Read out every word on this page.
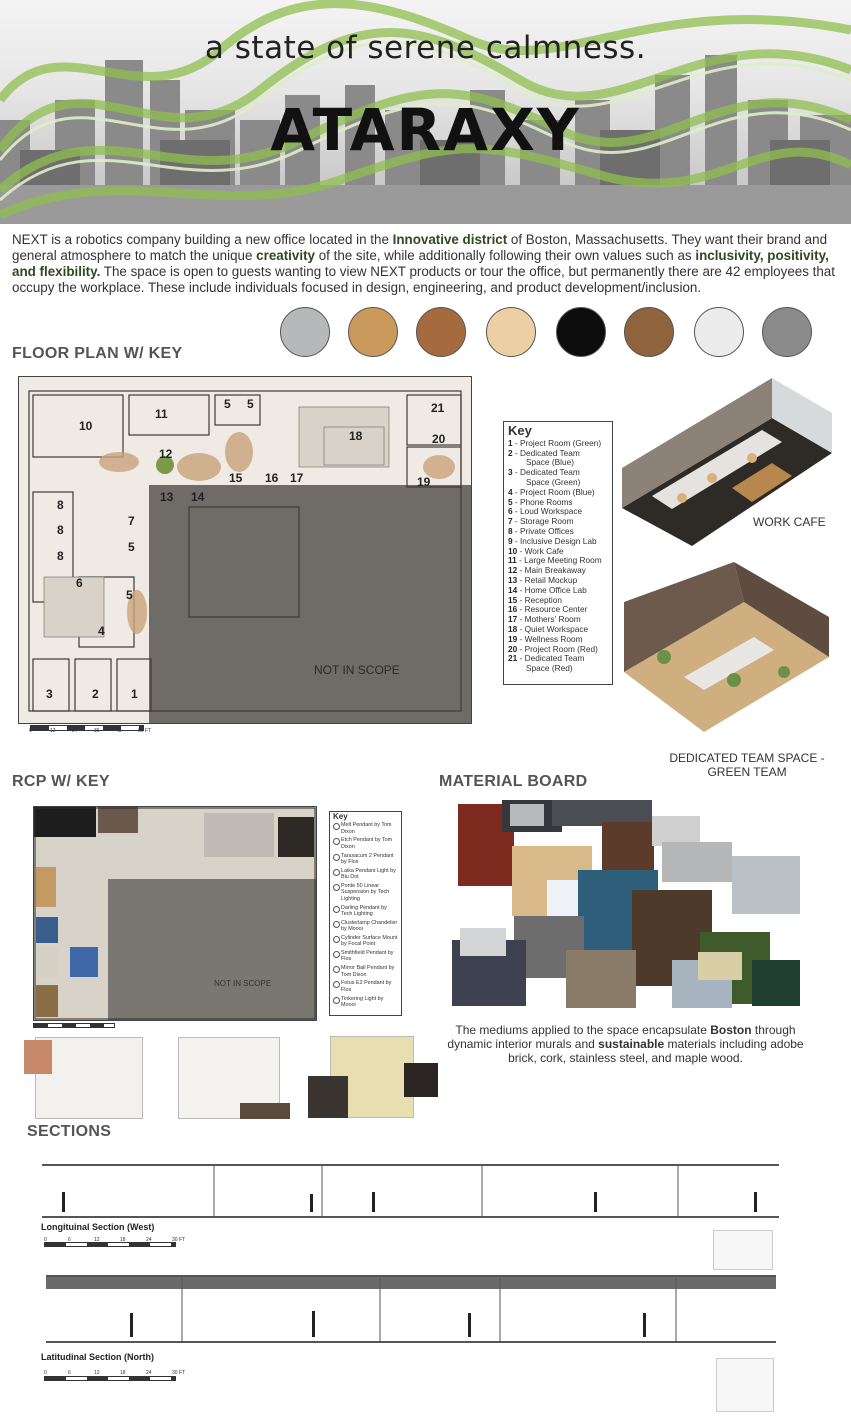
a state of serene calmness.
ATARAXY
NEXT is a robotics company building a new office located in the Innovative district of Boston, Massachusetts. They want their brand and general atmosphere to match the unique creativity of the site, while additionally following their own values such as inclusivity, positivity, and flexibility. The space is open to guests wanting to view NEXT products or tour the office, but permanently there are 42 employees that occupy the workplace. These include individuals focused in design, engineering, and product development/inclusion.
FLOOR PLAN W/ KEY
10
11
5 5	21
18	20
12
15 16 17	19
13 14
8
8
8
7
5
6
5
4
3	2	1
NOT IN SCOPE
0	12	24	36	48	60 FT
Key
1 - Project Room (Green)
2 - Dedicated Team
Space (Blue)
3 - Dedicated Team
Space (Green)
4 - Project Room (Blue)
5 - Phone Rooms
6 - Loud Workspace
7 - Storage Room
8 - Private Offices
9 - Inclusive Design Lab
10 - Work Cafe
11 - Large Meeting Room
12 - Main Breakaway
13 - Retail Mockup
14 - Home Office Lab
15 - Reception
16 - Resource Center
17 - Mothers' Room
18 - Quiet Workspace
19 - Wellness Room
20 - Project Room (Red)
21 - Dedicated Team
Space (Red)
WORK CAFE
DEDICATED TEAM SPACE -
GREEN TEAM
RCP W/ KEY
NOT IN SCOPE
Key
Melt Pendant by Tom Dixon
Etch Pendant by Tom Dixon
Taraxacum 2 Pendant by Flos
Laika Pendant Light by Blu Dot
Ponte 50 Linear Suspension by Tech Lighting
Darling Pendant by Tech Lighting
Clusterlamp Chandelier by Moooi
Cylinder Surface Mount by Focal Point
Smithfield Pendant by Flos
Mirror Ball Pendant by Tom Dixon
Fotus E2 Pendant by Flos
Tinkering Light by Moooi
MATERIAL BOARD
The mediums applied to the space encapsulate Boston through dynamic interior murals and sustainable materials including adobe brick, cork, stainless steel, and maple wood.
SECTIONS
Longituinal Section (West)
0	6	12	18	24	30 FT
Latitudinal Section (North)
0	6	12	18	24	30 FT
